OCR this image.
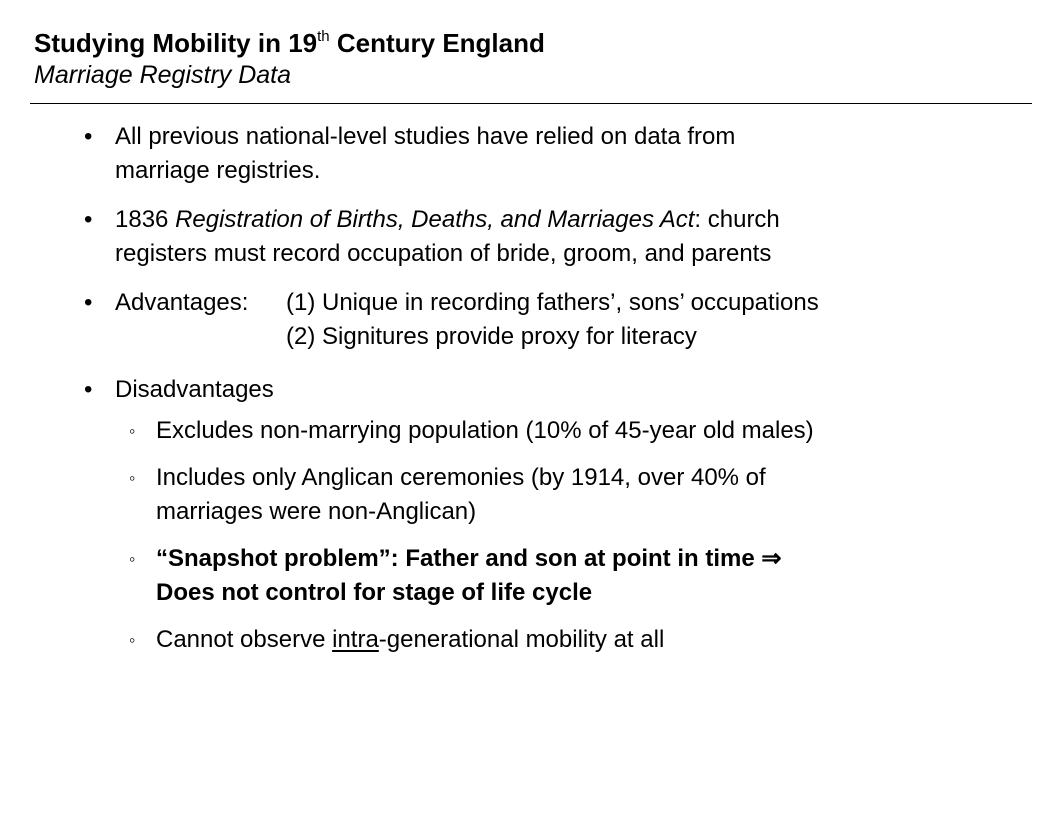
Studying Mobility in 19th Century England
Marriage Registry Data
• All previous national-level studies have relied on data from
marriage registries.
• 1836 Registration of Births, Deaths, and Marriages Act: church
registers must record occupation of bride, groom, and parents
• Advantages:	(1) Unique in recording fathers’, sons’ occupations
(2) Signitures provide proxy for literacy
• Disadvantages
◦ Excludes non-marrying population (10% of 45-year old males)
◦ Includes only Anglican ceremonies (by 1914, over 40% of
marriages were non-Anglican)
◦ “Snapshot problem”: Father and son at point in time ⇒
Does not control for stage of life cycle
◦ Cannot observe intra-generational mobility at all
